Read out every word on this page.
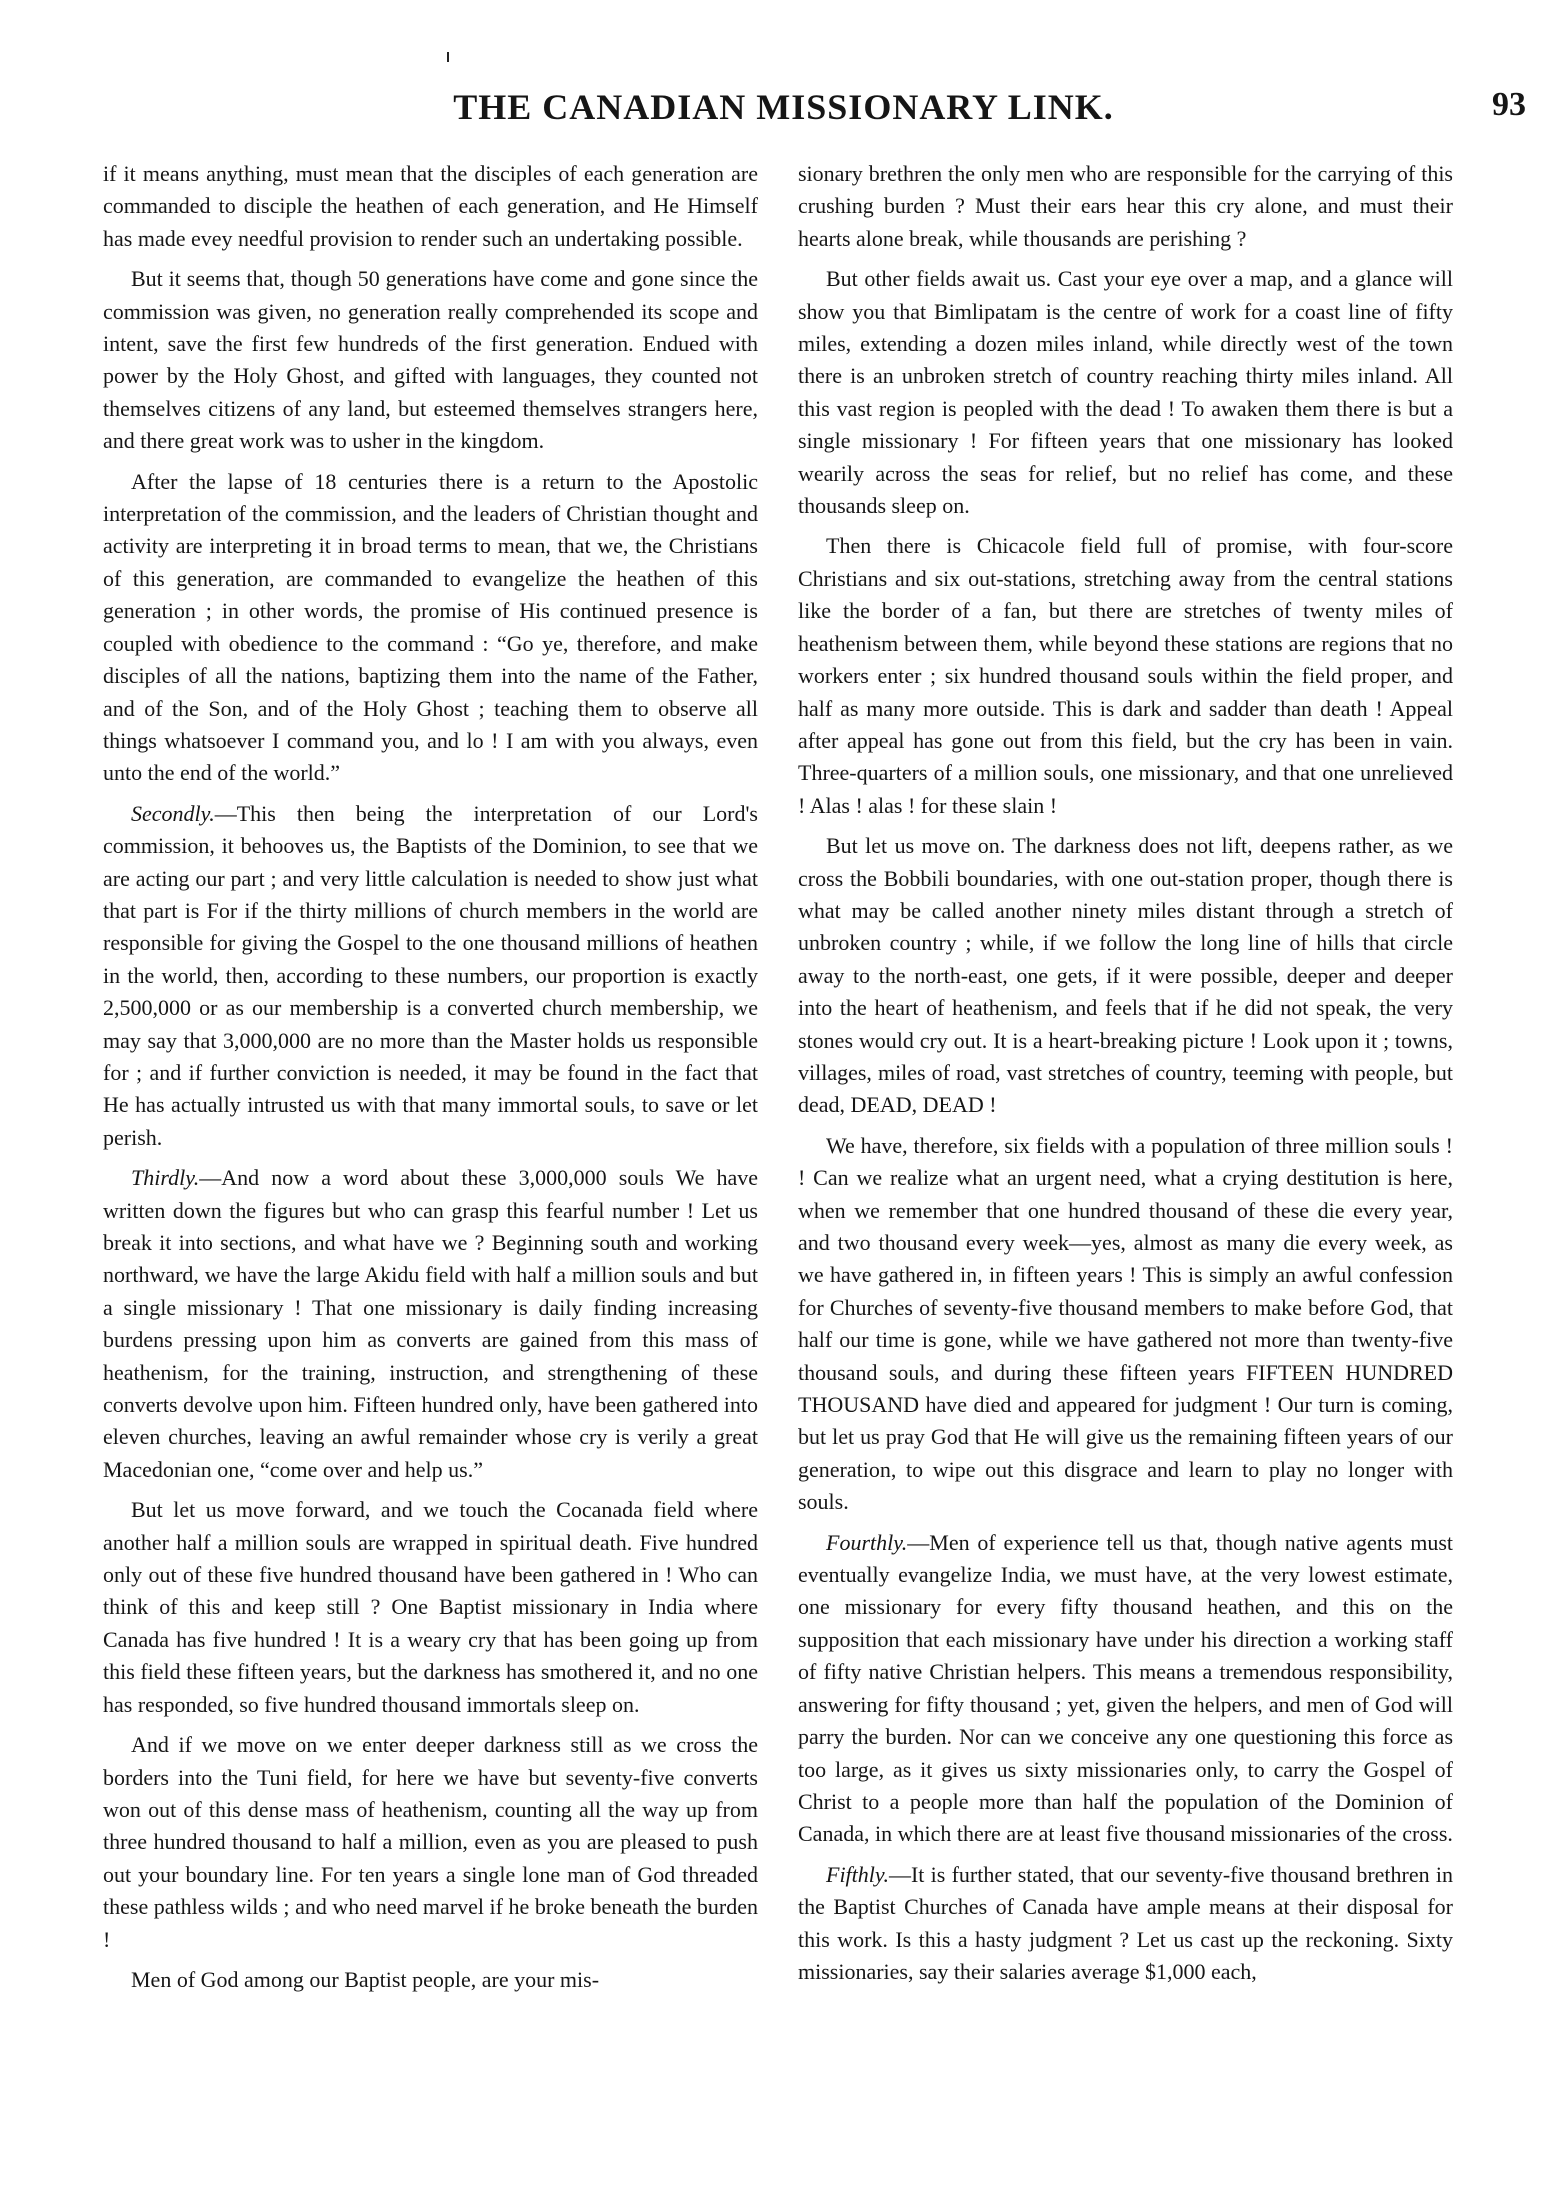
THE CANADIAN MISSIONARY LINK.	93

if it means anything, must mean that the disciples of each generation are commanded to disciple the heathen of each generation, and He Himself has made evey needful provision to render such an undertaking possible.

But it seems that, though 50 generations have come and gone since the commission was given, no generation really comprehended its scope and intent, save the first few hundreds of the first generation. Endued with power by the Holy Ghost, and gifted with languages, they counted not themselves citizens of any land, but esteemed themselves strangers here, and there great work was to usher in the kingdom.

After the lapse of 18 centuries there is a return to the Apostolic interpretation of the commission, and the leaders of Christian thought and activity are interpreting it in broad terms to mean, that we, the Christians of this generation, are commanded to evangelize the heathen of this generation ; in other words, the promise of His continued presence is coupled with obedience to the command : “Go ye, therefore, and make disciples of all the nations, baptizing them into the name of the Father, and of the Son, and of the Holy Ghost ; teaching them to observe all things whatsoever I command you, and lo ! I am with you always, even unto the end of the world.”

Secondly.—This then being the interpretation of our Lord's commission, it behooves us, the Baptists of the Dominion, to see that we are acting our part ; and very little calculation is needed to show just what that part is For if the thirty millions of church members in the world are responsible for giving the Gospel to the one thousand millions of heathen in the world, then, according to these numbers, our proportion is exactly 2,500,000 or as our membership is a converted church membership, we may say that 3,000,000 are no more than the Master holds us responsible for ; and if further conviction is needed, it may be found in the fact that He has actually intrusted us with that many immortal souls, to save or let perish.

Thirdly.—And now a word about these 3,000,000 souls We have written down the figures but who can grasp this fearful number ! Let us break it into sections, and what have we ? Beginning south and working northward, we have the large Akidu field with half a million souls and but a single missionary ! That one missionary is daily finding increasing burdens pressing upon him as converts are gained from this mass of heathenism, for the training, instruction, and strengthening of these converts devolve upon him. Fifteen hundred only, have been gathered into eleven churches, leaving an awful remainder whose cry is verily a great Macedonian one, “come over and help us.”

But let us move forward, and we touch the Cocanada field where another half a million souls are wrapped in spiritual death. Five hundred only out of these five hundred thousand have been gathered in ! Who can think of this and keep still ? One Baptist missionary in India where Canada has five hundred ! It is a weary cry that has been going up from this field these fifteen years, but the darkness has smothered it, and no one has responded, so five hundred thousand immortals sleep on.

And if we move on we enter deeper darkness still as we cross the borders into the Tuni field, for here we have but seventy-five converts won out of this dense mass of heathenism, counting all the way up from three hundred thousand to half a million, even as you are pleased to push out your boundary line. For ten years a single lone man of God threaded these pathless wilds ; and who need marvel if he broke beneath the burden !

Men of God among our Baptist people, are your mis-

sionary brethren the only men who are responsible for the carrying of this crushing burden ? Must their ears hear this cry alone, and must their hearts alone break, while thousands are perishing ?

But other fields await us. Cast your eye over a map, and a glance will show you that Bimlipatam is the centre of work for a coast line of fifty miles, extending a dozen miles inland, while directly west of the town there is an unbroken stretch of country reaching thirty miles inland. All this vast region is peopled with the dead ! To awaken them there is but a single missionary ! For fifteen years that one missionary has looked wearily across the seas for relief, but no relief has come, and these thousands sleep on.

Then there is Chicacole field full of promise, with four-score Christians and six out-stations, stretching away from the central stations like the border of a fan, but there are stretches of twenty miles of heathenism between them, while beyond these stations are regions that no workers enter ; six hundred thousand souls within the field proper, and half as many more outside. This is dark and sadder than death ! Appeal after appeal has gone out from this field, but the cry has been in vain. Three-quarters of a million souls, one missionary, and that one unrelieved ! Alas ! alas ! for these slain !

But let us move on. The darkness does not lift, deepens rather, as we cross the Bobbili boundaries, with one out-station proper, though there is what may be called another ninety miles distant through a stretch of unbroken country ; while, if we follow the long line of hills that circle away to the north-east, one gets, if it were possible, deeper and deeper into the heart of heathenism, and feels that if he did not speak, the very stones would cry out. It is a heart-breaking picture ! Look upon it ; towns, villages, miles of road, vast stretches of country, teeming with people, but dead, DEAD, DEAD !

We have, therefore, six fields with a population of three million souls ! ! Can we realize what an urgent need, what a crying destitution is here, when we remember that one hundred thousand of these die every year, and two thousand every week—yes, almost as many die every week, as we have gathered in, in fifteen years ! This is simply an awful confession for Churches of seventy-five thousand members to make before God, that half our time is gone, while we have gathered not more than twenty-five thousand souls, and during these fifteen years FIFTEEN HUNDRED THOUSAND have died and appeared for judgment ! Our turn is coming, but let us pray God that He will give us the remaining fifteen years of our generation, to wipe out this disgrace and learn to play no longer with souls.

Fourthly.—Men of experience tell us that, though native agents must eventually evangelize India, we must have, at the very lowest estimate, one missionary for every fifty thousand heathen, and this on the supposition that each missionary have under his direction a working staff of fifty native Christian helpers. This means a tremendous responsibility, answering for fifty thousand ; yet, given the helpers, and men of God will parry the burden. Nor can we conceive any one questioning this force as too large, as it gives us sixty missionaries only, to carry the Gospel of Christ to a people more than half the population of the Dominion of Canada, in which there are at least five thousand missionaries of the cross.

Fifthly.—It is further stated, that our seventy-five thousand brethren in the Baptist Churches of Canada have ample means at their disposal for this work. Is this a hasty judgment ? Let us cast up the reckoning. Sixty missionaries, say their salaries average $1,000 each,
